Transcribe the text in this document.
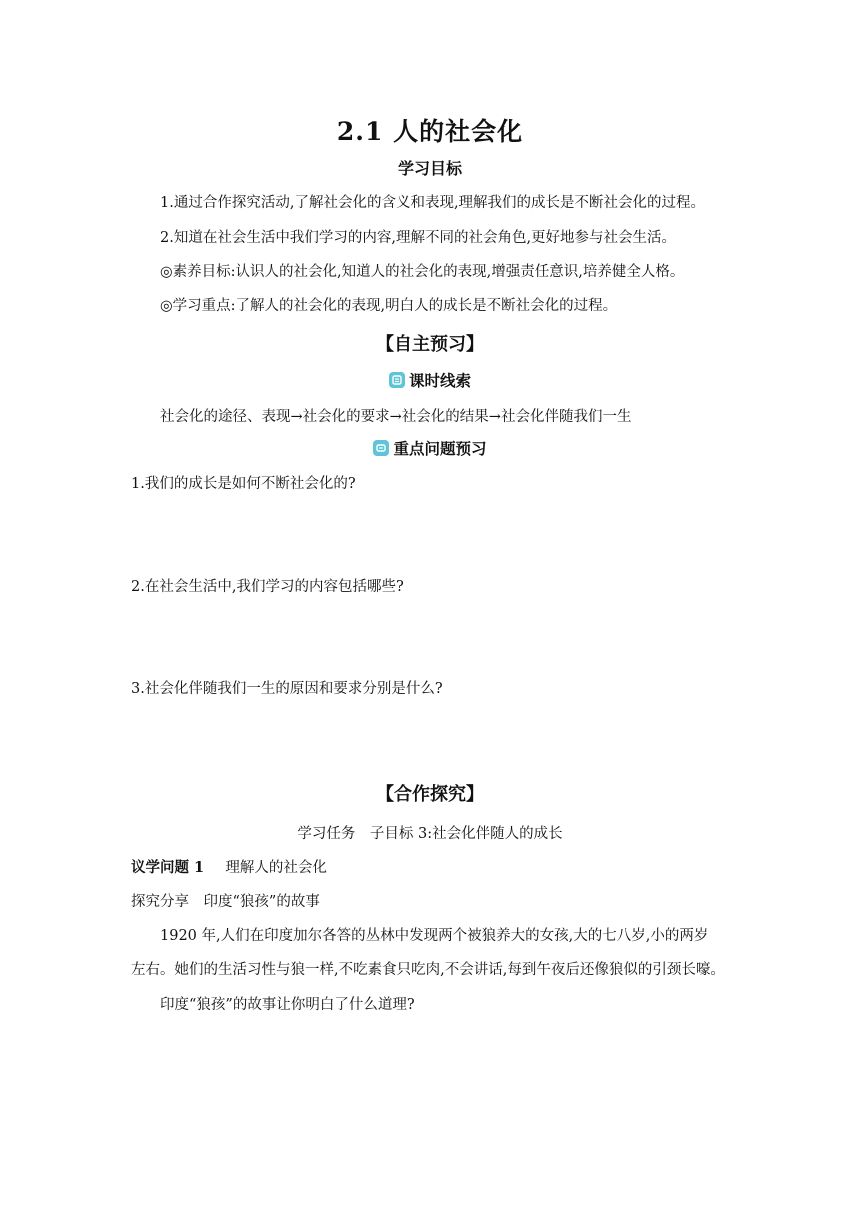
2.1 人的社会化
学习目标
1.通过合作探究活动,了解社会化的含义和表现,理解我们的成长是不断社会化的过程。
2.知道在社会生活中我们学习的内容,理解不同的社会角色,更好地参与社会生活。
◎素养目标:认识人的社会化,知道人的社会化的表现,增强责任意识,培养健全人格。
◎学习重点:了解人的社会化的表现,明白人的成长是不断社会化的过程。
【自主预习】
课时线索
社会化的途径、表现→社会化的要求→社会化的结果→社会化伴随我们一生
重点问题预习
1.我们的成长是如何不断社会化的?
2.在社会生活中,我们学习的内容包括哪些?
3.社会化伴随我们一生的原因和要求分别是什么?
【合作探究】
学习任务　子目标 3:社会化伴随人的成长
议学问题 1 理解人的社会化
探究分享　印度“狼孩”的故事
1920 年,人们在印度加尔各答的丛林中发现两个被狼养大的女孩,大的七八岁,小的两岁
左右。她们的生活习性与狼一样,不吃素食只吃肉,不会讲话,每到午夜后还像狼似的引颈长嚎。
印度“狼孩”的故事让你明白了什么道理?
